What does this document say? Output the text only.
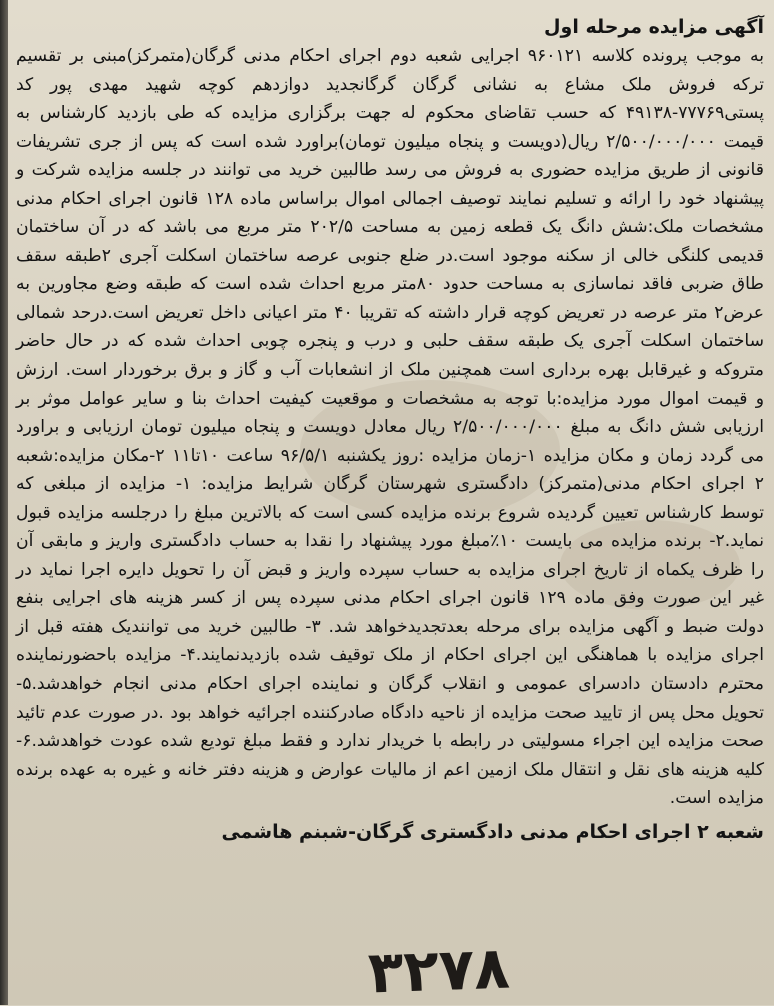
آگهی مزایده مرحله اول

به موجب پرونده کلاسه ۹۶۰۱۲۱ اجرایی شعبه دوم اجرای احکام مدنی گرگان(متمرکز)مبنی بر تقسیم ترکه فروش ملک مشاع به نشانی گرگان گرگانجدید دوازدهم کوچه شهید مهدی پور کد پستی۷۷۷۶۹-۴۹۱۳۸ که حسب تقاضای محکوم له جهت برگزاری مزایده که طی بازدید کارشناس به قیمت ۲/۵۰۰/۰۰۰/۰۰۰ ریال(دویست و پنجاه میلیون تومان)براورد شده است که پس از جری تشریفات قانونی از طریق مزایده حضوری به فروش می رسد طالبین خرید می توانند در جلسه مزایده شرکت و پیشنهاد خود را ارائه و تسلیم نمایند توصیف اجمالی اموال براساس ماده ۱۲۸ قانون اجرای احکام مدنی مشخصات ملک:شش دانگ یک قطعه زمین به مساحت ۲۰۲/۵ متر مربع می باشد که در آن ساختمان قدیمی کلنگی خالی از سکنه موجود است.در ضلع جنوبی عرصه ساختمان اسکلت آجری ۲طبقه سقف طاق ضربی فاقد نماسازی به مساحت حدود ۸۰متر مربع احداث شده است که طبقه وضع مجاورین به عرض۲ متر عرصه در تعریض کوچه قرار داشته که تقریبا ۴۰ متر اعیانی داخل تعریض است.درحد شمالی ساختمان اسکلت آجری یک طبقه سقف حلبی و درب و پنجره چوبی احداث شده که در حال حاضر متروکه و غیرقابل بهره برداری است همچنین ملک از انشعابات آب و گاز و برق برخوردار است. ارزش و قیمت اموال مورد مزایده:با توجه به مشخصات و موقعیت کیفیت احداث بنا و سایر عوامل موثر بر ارزیابی شش دانگ به مبلغ ۲/۵۰۰/۰۰۰/۰۰۰ ریال معادل دویست و پنجاه میلیون تومان ارزیابی و براورد می گردد زمان و مکان مزایده ۱-زمان مزایده :روز یکشنبه ۹۶/۵/۱ ساعت ۱۰تا۱۱ ۲-مکان مزایده:شعبه ۲ اجرای احکام مدنی(متمرکز) دادگستری شهرستان گرگان شرایط مزایده: ۱- مزایده از مبلغی که توسط کارشناس تعیین گردیده شروع برنده مزایده کسی است که بالاترین مبلغ را درجلسه مزایده قبول نماید.۲- برنده مزایده می بایست ۱۰٪مبلغ مورد پیشنهاد را نقدا به حساب دادگستری واریز و مابقی آن را ظرف یکماه از تاریخ اجرای مزایده به حساب سپرده واریز و قبض آن را تحویل دایره اجرا نماید در غیر این صورت وفق ماده ۱۲۹ قانون اجرای احکام مدنی سپرده پس از کسر هزینه های اجرایی بنفع دولت ضبط و آگهی مزایده برای مرحله بعدتجدیدخواهد شد. ۳- طالبین خرید می توانندیک هفته قبل از اجرای مزایده با هماهنگی این اجرای احکام از ملک توقیف شده بازدیدنمایند.۴- مزایده باحضورنماینده محترم دادستان دادسرای عمومی و انقلاب گرگان و نماینده اجرای احکام مدنی انجام خواهدشد.۵- تحویل محل پس از تایید صحت مزایده از ناحیه دادگاه صادرکننده اجرائیه خواهد بود .در صورت عدم تائید صحت مزایده این اجراء مسولیتی در رابطه با خریدار ندارد و فقط مبلغ تودیع شده عودت خواهدشد.۶- کلیه هزینه های نقل و انتقال ملک ازمین اعم از مالیات عوارض و هزینه دفتر خانه و غیره به عهده برنده مزایده است.

شعبه ۲ اجرای احکام مدنی دادگستری گرگان-شبنم هاشمی
۳۲۷۸
